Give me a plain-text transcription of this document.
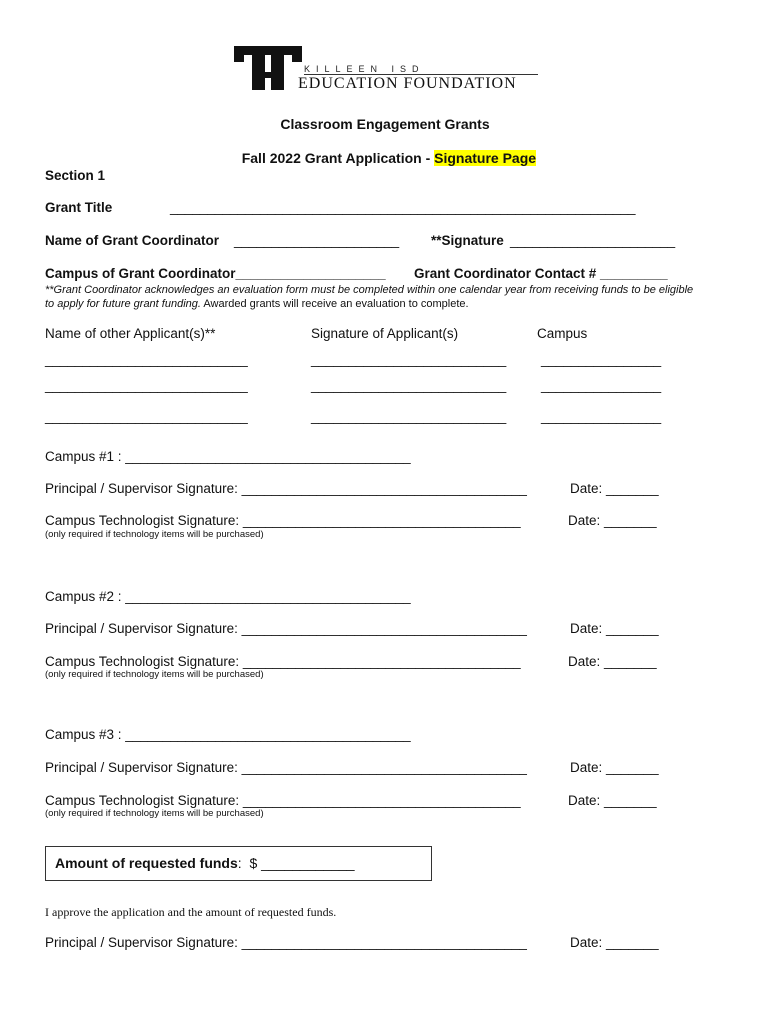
KILLEEN ISD
EDUCATION FOUNDATION
Classroom Engagement Grants

Fall 2022 Grant Application - Signature Page

Section 1
Grant Title	______________________________________________________________
Name of Grant Coordinator ______________________ **Signature ______________________
Campus of Grant Coordinator____________________ Grant Coordinator Contact # _________
**Grant Coordinator acknowledges an evaluation form must be completed within one calendar year from receiving funds to be eligible
to apply for future grant funding. Awarded grants will receive an evaluation to complete.
Name of other Applicant(s)**	Signature of Applicant(s)	Campus
___________________________	__________________________	________________
___________________________	__________________________	________________
___________________________	__________________________	________________
Campus #1 : ______________________________________
Principal / Supervisor Signature: ______________________________________	Date: _______
Campus Technologist Signature: _____________________________________	Date: _______
(only required if technology items will be purchased)
Campus #2 : ______________________________________
Principal / Supervisor Signature: ______________________________________	Date: _______
Campus Technologist Signature: _____________________________________	Date: _______
(only required if technology items will be purchased)
Campus #3 : ______________________________________
Principal / Supervisor Signature: ______________________________________	Date: _______
Campus Technologist Signature: _____________________________________	Date: _______
(only required if technology items will be purchased)
Amount of requested funds:  $ ____________
I approve the application and the amount of requested funds.
Principal / Supervisor Signature: ______________________________________	Date: _______
